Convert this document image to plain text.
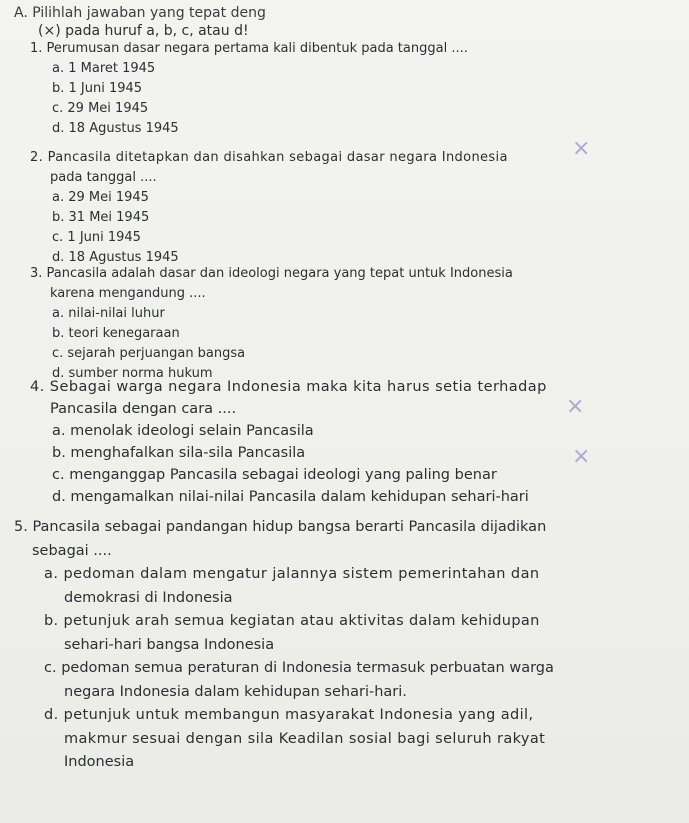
A. Pilihlah jawaban yang tepat deng
(×) pada huruf a, b, c, atau d!
1. Perumusan dasar negara pertama kali dibentuk pada tanggal ....
a. 1 Maret 1945
b. 1 Juni 1945
c. 29 Mei 1945
d. 18 Agustus 1945
2. Pancasila ditetapkan dan disahkan sebagai dasar negara Indonesia
pada tanggal ....
a. 29 Mei 1945
b. 31 Mei 1945
c. 1 Juni 1945
d. 18 Agustus 1945
3. Pancasila adalah dasar dan ideologi negara yang tepat untuk Indonesia
karena mengandung ....
a. nilai-nilai luhur
b. teori kenegaraan
c. sejarah perjuangan bangsa
d. sumber norma hukum
4. Sebagai warga negara Indonesia maka kita harus setia terhadap
Pancasila dengan cara ....
a. menolak ideologi selain Pancasila
b. menghafalkan sila-sila Pancasila
c. menganggap Pancasila sebagai ideologi yang paling benar
d. mengamalkan nilai-nilai Pancasila dalam kehidupan sehari-hari
5. Pancasila sebagai pandangan hidup bangsa berarti Pancasila dijadikan
sebagai ....
a. pedoman dalam mengatur jalannya sistem pemerintahan dan
demokrasi di Indonesia
b. petunjuk arah semua kegiatan atau aktivitas dalam kehidupan
sehari-hari bangsa Indonesia
c. pedoman semua peraturan di Indonesia termasuk perbuatan warga
negara Indonesia dalam kehidupan sehari-hari.
d. petunjuk untuk membangun masyarakat Indonesia yang adil,
makmur sesuai dengan sila Keadilan sosial bagi seluruh rakyat
Indonesia
×
×
×
